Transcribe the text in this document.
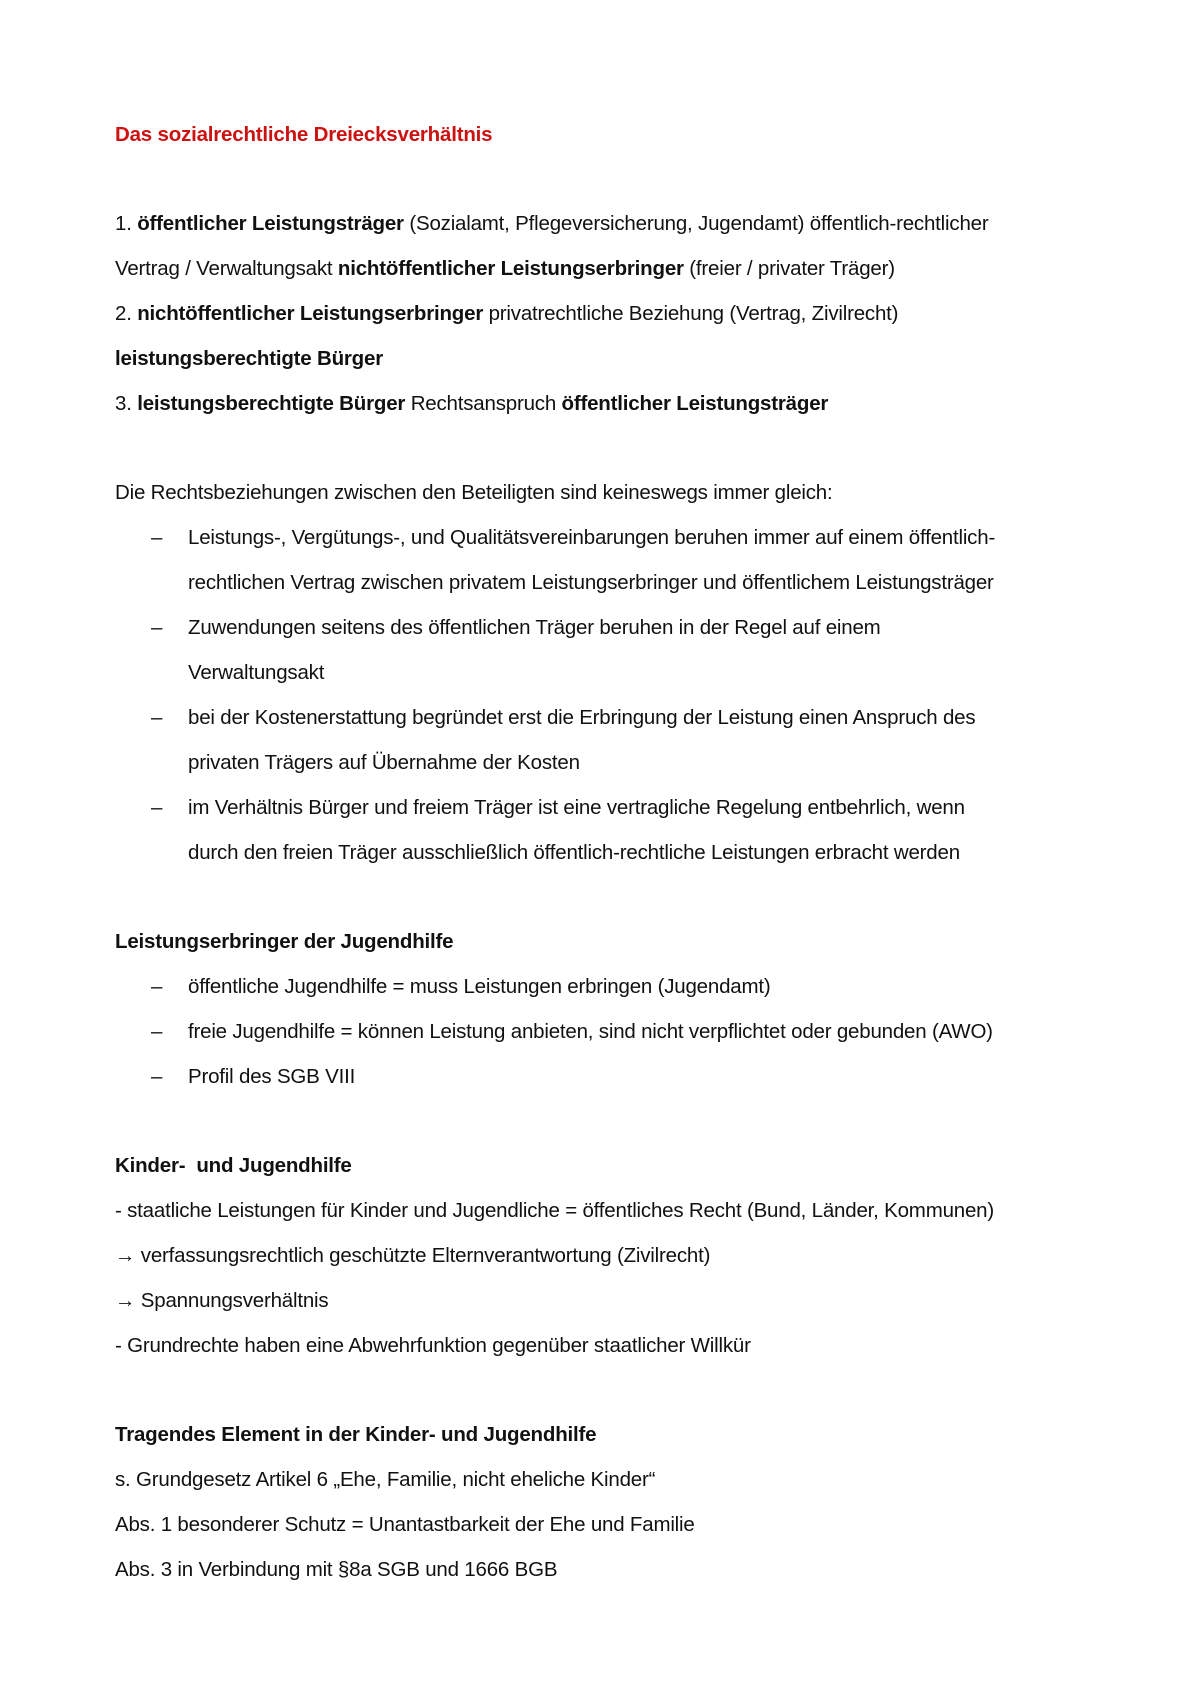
Das sozialrechtliche Dreiecksverhältnis
1. öffentlicher Leistungsträger (Sozialamt, Pflegeversicherung, Jugendamt) öffentlich-rechtlicher
Vertrag / Verwaltungsakt nichtöffentlicher Leistungserbringer (freier / privater Träger)
2. nichtöffentlicher Leistungserbringer privatrechtliche Beziehung (Vertrag, Zivilrecht)
leistungsberechtigte Bürger
3. leistungsberechtigte Bürger Rechtsanspruch öffentlicher Leistungsträger
Die Rechtsbeziehungen zwischen den Beteiligten sind keineswegs immer gleich:
– Leistungs-, Vergütungs-, und Qualitätsvereinbarungen beruhen immer auf einem öffentlich-
rechtlichen Vertrag zwischen privatem Leistungserbringer und öffentlichem Leistungsträger
– Zuwendungen seitens des öffentlichen Träger beruhen in der Regel auf einem
Verwaltungsakt
– bei der Kostenerstattung begründet erst die Erbringung der Leistung einen Anspruch des
privaten Trägers auf Übernahme der Kosten
– im Verhältnis Bürger und freiem Träger ist eine vertragliche Regelung entbehrlich, wenn
durch den freien Träger ausschließlich öffentlich-rechtliche Leistungen erbracht werden
Leistungserbringer der Jugendhilfe
– öffentliche Jugendhilfe = muss Leistungen erbringen (Jugendamt)
– freie Jugendhilfe = können Leistung anbieten, sind nicht verpflichtet oder gebunden (AWO)
– Profil des SGB VIII
Kinder-  und Jugendhilfe
- staatliche Leistungen für Kinder und Jugendliche = öffentliches Recht (Bund, Länder, Kommunen)
→ verfassungsrechtlich geschützte Elternverantwortung (Zivilrecht)
→ Spannungsverhältnis
- Grundrechte haben eine Abwehrfunktion gegenüber staatlicher Willkür
Tragendes Element in der Kinder- und Jugendhilfe
s. Grundgesetz Artikel 6 „Ehe, Familie, nicht eheliche Kinder“
Abs. 1 besonderer Schutz = Unantastbarkeit der Ehe und Familie
Abs. 3 in Verbindung mit §8a SGB und 1666 BGB
